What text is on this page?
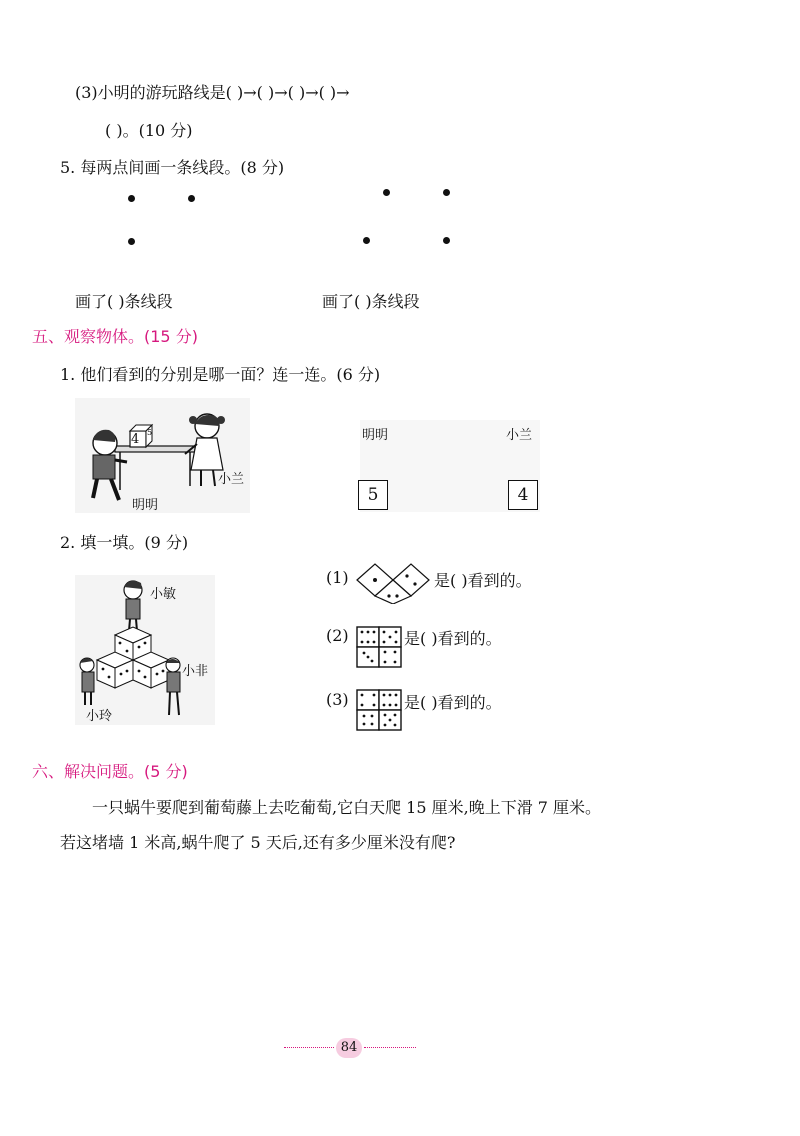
(3)小明的游玩路线是( )→( )→( )→( )→
( )。(10 分)
5. 每两点间画一条线段。(8 分)
画了( )条线段	画了( )条线段
五、观察物体。(15 分)
1. 他们看到的分别是哪一面？连一连。(6 分)
4 5
小兰
明明
明明	小兰
5	4
2. 填一填。(9 分)
小敏
小非
小玲
(1)	是( )看到的。
(2)	是( )看到的。
(3)	是( )看到的。
六、解决问题。(5 分)
一只蜗牛要爬到葡萄藤上去吃葡萄,它白天爬 15 厘米,晚上下滑 7 厘米。
若这堵墙 1 米高,蜗牛爬了 5 天后,还有多少厘米没有爬?
84
